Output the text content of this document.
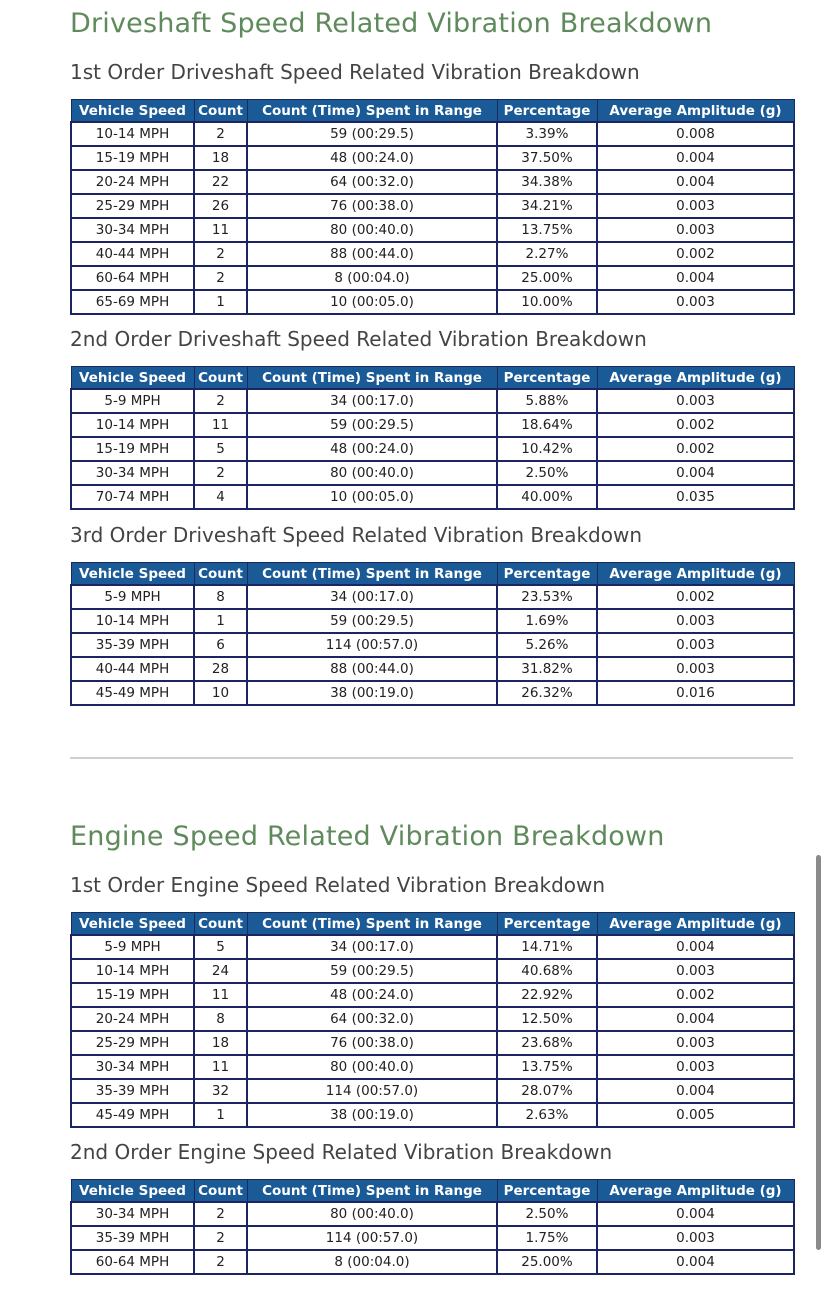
Driveshaft Speed Related Vibration Breakdown
1st Order Driveshaft Speed Related Vibration Breakdown
Vehicle Speed	Count	Count (Time) Spent in Range	Percentage	Average Amplitude (g)
10-14 MPH	2	59 (00:29.5)	3.39%	0.008
15-19 MPH	18	48 (00:24.0)	37.50%	0.004
20-24 MPH	22	64 (00:32.0)	34.38%	0.004
25-29 MPH	26	76 (00:38.0)	34.21%	0.003
30-34 MPH	11	80 (00:40.0)	13.75%	0.003
40-44 MPH	2	88 (00:44.0)	2.27%	0.002
60-64 MPH	2	8 (00:04.0)	25.00%	0.004
65-69 MPH	1	10 (00:05.0)	10.00%	0.003
2nd Order Driveshaft Speed Related Vibration Breakdown
Vehicle Speed	Count	Count (Time) Spent in Range	Percentage	Average Amplitude (g)
5-9 MPH	2	34 (00:17.0)	5.88%	0.003
10-14 MPH	11	59 (00:29.5)	18.64%	0.002
15-19 MPH	5	48 (00:24.0)	10.42%	0.002
30-34 MPH	2	80 (00:40.0)	2.50%	0.004
70-74 MPH	4	10 (00:05.0)	40.00%	0.035
3rd Order Driveshaft Speed Related Vibration Breakdown
Vehicle Speed	Count	Count (Time) Spent in Range	Percentage	Average Amplitude (g)
5-9 MPH	8	34 (00:17.0)	23.53%	0.002
10-14 MPH	1	59 (00:29.5)	1.69%	0.003
35-39 MPH	6	114 (00:57.0)	5.26%	0.003
40-44 MPH	28	88 (00:44.0)	31.82%	0.003
45-49 MPH	10	38 (00:19.0)	26.32%	0.016
Engine Speed Related Vibration Breakdown
1st Order Engine Speed Related Vibration Breakdown
Vehicle Speed	Count	Count (Time) Spent in Range	Percentage	Average Amplitude (g)
5-9 MPH	5	34 (00:17.0)	14.71%	0.004
10-14 MPH	24	59 (00:29.5)	40.68%	0.003
15-19 MPH	11	48 (00:24.0)	22.92%	0.002
20-24 MPH	8	64 (00:32.0)	12.50%	0.004
25-29 MPH	18	76 (00:38.0)	23.68%	0.003
30-34 MPH	11	80 (00:40.0)	13.75%	0.003
35-39 MPH	32	114 (00:57.0)	28.07%	0.004
45-49 MPH	1	38 (00:19.0)	2.63%	0.005
2nd Order Engine Speed Related Vibration Breakdown
Vehicle Speed	Count	Count (Time) Spent in Range	Percentage	Average Amplitude (g)
30-34 MPH	2	80 (00:40.0)	2.50%	0.004
35-39 MPH	2	114 (00:57.0)	1.75%	0.003
60-64 MPH	2	8 (00:04.0)	25.00%	0.004
